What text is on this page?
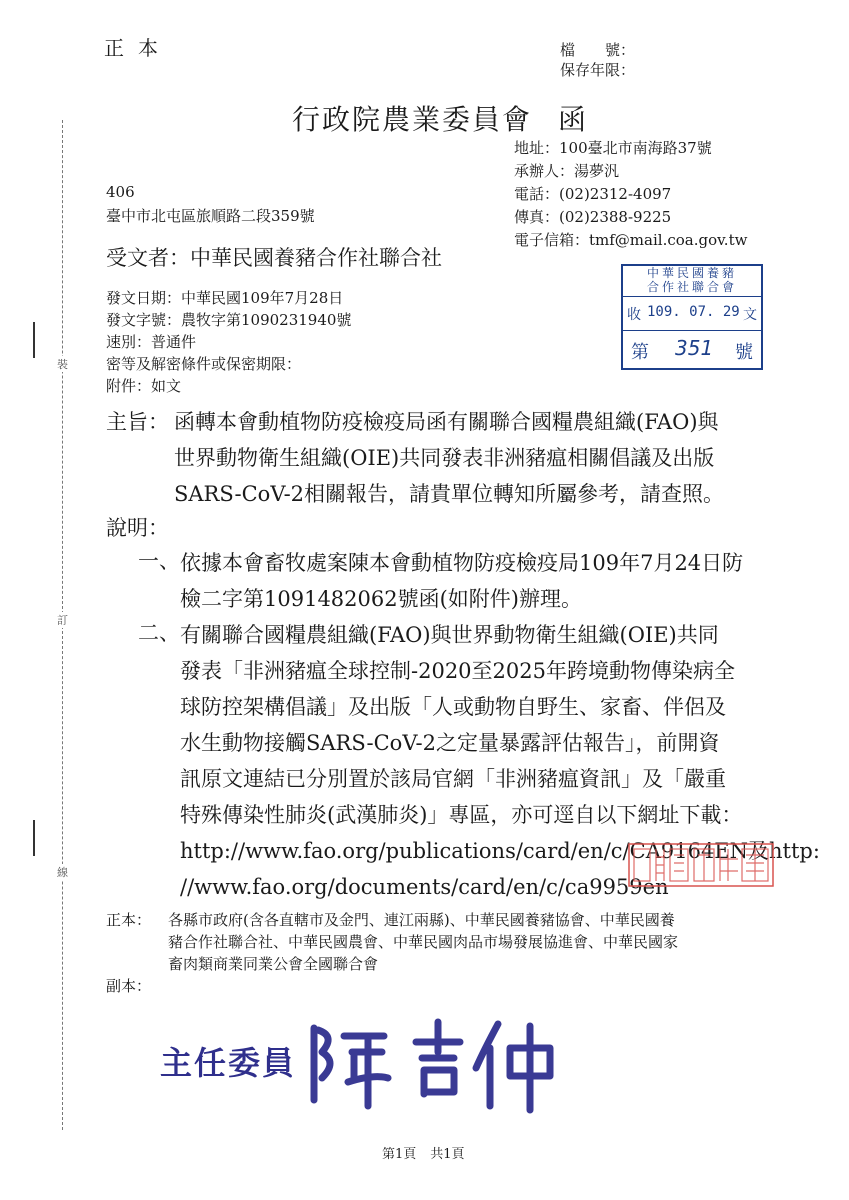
正本	檔　　號：
保存年限：
行政院農業委員會 函
地址：100臺北市南海路37號
承辦人：湯夢汎
電話：(02)2312-4097
傳真：(02)2388-9225
電子信箱：tmf@mail.coa.gov.tw
406
臺中市北屯區旅順路二段359號
受文者：中華民國養豬合作社聯合社
發文日期：中華民國109年7月28日
發文字號：農牧字第1090231940號
速別：普通件
密等及解密條件或保密期限：
附件：如文
中華民國養豬
合作社聯合會
收 109. 07. 29 文
第 351 號
主旨： 函轉本會動植物防疫檢疫局函有關聯合國糧農組織(FAO)與
世界動物衛生組織(OIE)共同發表非洲豬瘟相關倡議及出版
SARS-CoV-2相關報告，請貴單位轉知所屬參考，請查照。
說明：
一、 依據本會畜牧處案陳本會動植物防疫檢疫局109年7月24日防
檢二字第1091482062號函(如附件)辦理。
二、 有關聯合國糧農組織(FAO)與世界動物衛生組織(OIE)共同
發表「非洲豬瘟全球控制-2020至2025年跨境動物傳染病全
球防控架構倡議」及出版「人或動物自野生、家畜、伴侶及
水生動物接觸SARS-CoV-2之定量暴露評估報告」，前開資
訊原文連結已分別置於該局官網「非洲豬瘟資訊」及「嚴重
特殊傳染性肺炎(武漢肺炎)」專區，亦可逕自以下網址下載：
http://www.fao.org/publications/card/en/c/CA9164EN及http:
//www.fao.org/documents/card/en/c/ca9959en
正本： 各縣市政府(含各直轄市及金門、連江兩縣)、中華民國養豬協會、中華民國養
豬合作社聯合社、中華民國農會、中華民國肉品市場發展協進會、中華民國家
畜肉類商業同業公會全國聯合會
副本：
主任委員
裝
訂
線
第1頁 共1頁
